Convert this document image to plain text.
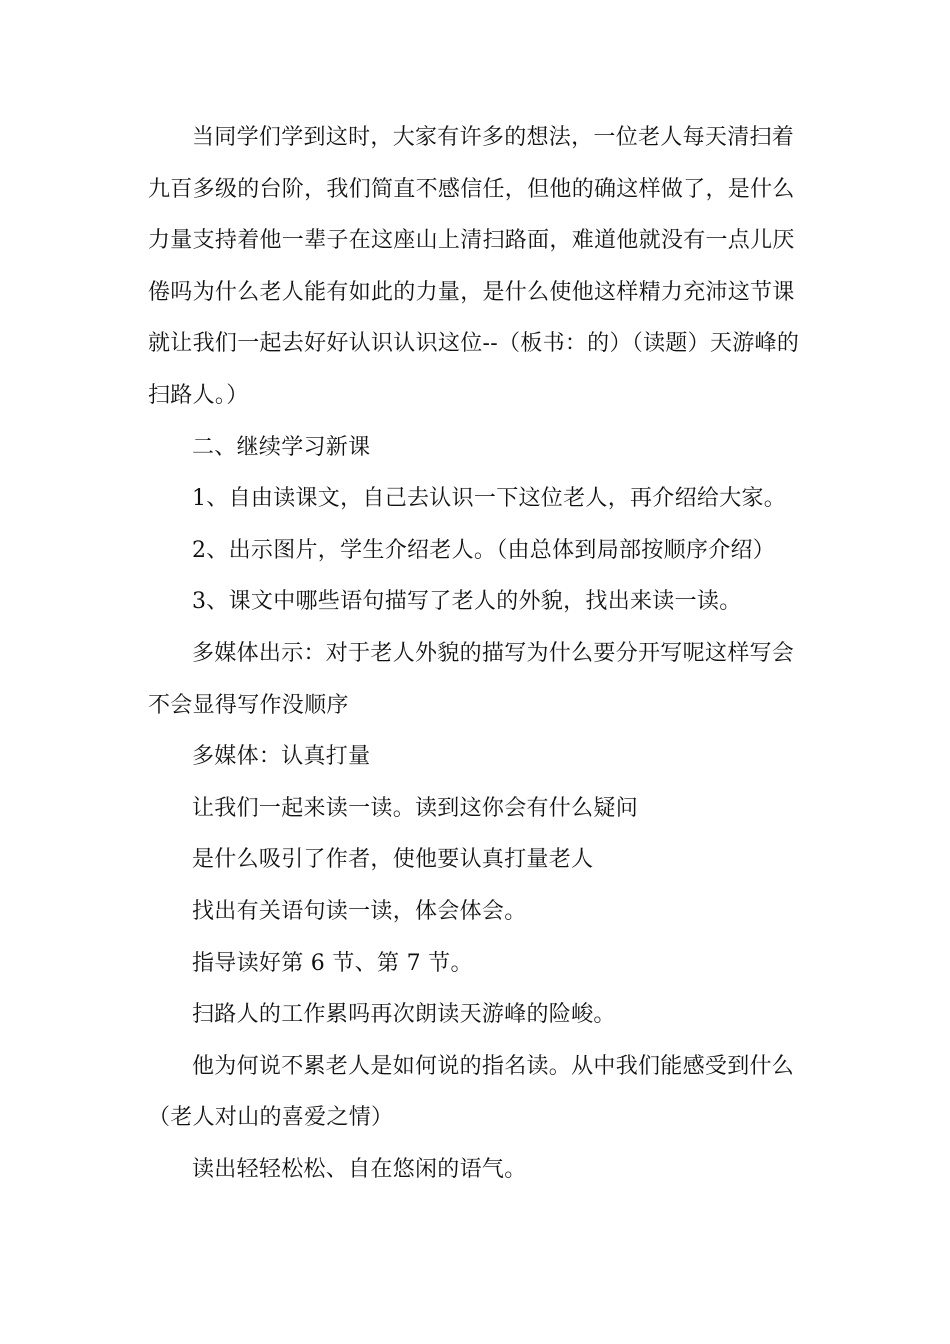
当同学们学到这时，大家有许多的想法，一位老人每天清扫着九百多级的台阶，我们简直不感信任，但他的确这样做了，是什么力量支持着他一辈子在这座山上清扫路面，难道他就没有一点儿厌倦吗为什么老人能有如此的力量，是什么使他这样精力充沛这节课就让我们一起去好好认识认识这位--（板书：的）（读题）天游峰的扫路人。）

二、继续学习新课

1、自由读课文，自己去认识一下这位老人，再介绍给大家。

2、出示图片，学生介绍老人。（由总体到局部按顺序介绍）

3、课文中哪些语句描写了老人的外貌，找出来读一读。

多媒体出示：对于老人外貌的描写为什么要分开写呢这样写会不会显得写作没顺序

多媒体：认真打量

让我们一起来读一读。读到这你会有什么疑问

是什么吸引了作者，使他要认真打量老人

找出有关语句读一读，体会体会。

指导读好第 6 节、第 7 节。

扫路人的工作累吗再次朗读天游峰的险峻。

他为何说不累老人是如何说的指名读。从中我们能感受到什么（老人对山的喜爱之情）

读出轻轻松松、自在悠闲的语气。
